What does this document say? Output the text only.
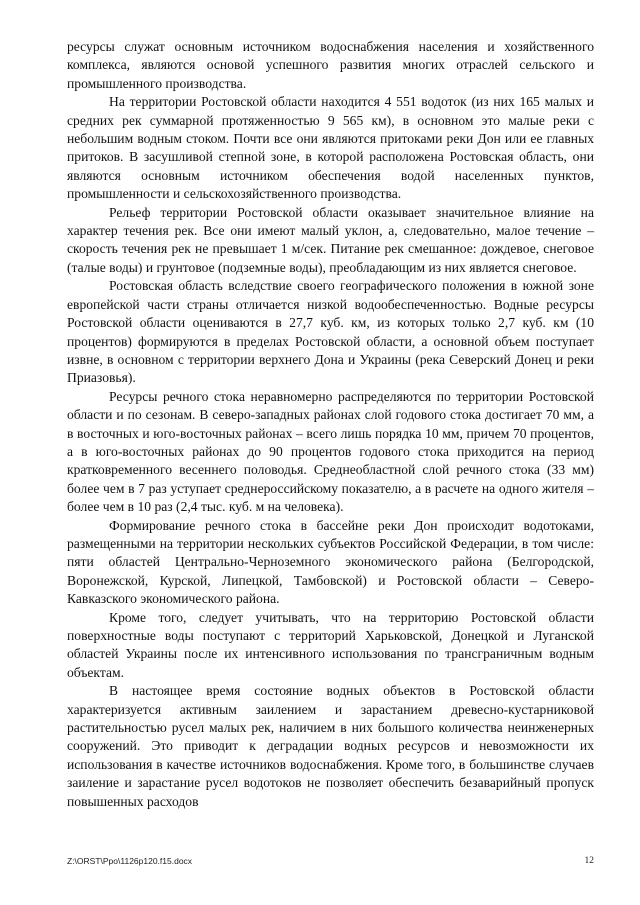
ресурсы служат основным источником водоснабжения населения и хозяйственного комплекса, являются основой успешного развития многих отраслей сельского и промышленного производства.

На территории Ростовской области находится 4 551 водоток (из них 165 малых и средних рек суммарной протяженностью 9 565 км), в основном это малые реки с небольшим водным стоком. Почти все они являются притоками реки Дон или ее главных притоков. В засушливой степной зоне, в которой расположена Ростовская область, они являются основным источником обеспечения водой населенных пунктов, промышленности и сельскохозяйственного производства.

Рельеф территории Ростовской области оказывает значительное влияние на характер течения рек. Все они имеют малый уклон, а, следовательно, малое течение – скорость течения рек не превышает 1 м/сек. Питание рек смешанное: дождевое, снеговое (талые воды) и грунтовое (подземные воды), преобладающим из них является снеговое.

Ростовская область вследствие своего географического положения в южной зоне европейской части страны отличается низкой водообеспеченностью. Водные ресурсы Ростовской области оцениваются в 27,7 куб. км, из которых только 2,7 куб. км (10 процентов) формируются в пределах Ростовской области, а основной объем поступает извне, в основном с территории верхнего Дона и Украины (река Северский Донец и реки Приазовья).

Ресурсы речного стока неравномерно распределяются по территории Ростовской области и по сезонам. В северо-западных районах слой годового стока достигает 70 мм, а в восточных и юго-восточных районах – всего лишь порядка 10 мм, причем 70 процентов, а в юго-восточных районах до 90 процентов годового стока приходится на период кратковременного весеннего половодья. Среднеобластной слой речного стока (33 мм) более чем в 7 раз уступает среднероссийскому показателю, а в расчете на одного жителя – более чем в 10 раз (2,4 тыс. куб. м на человека).

Формирование речного стока в бассейне реки Дон происходит водотоками, размещенными на территории нескольких субъектов Российской Федерации, в том числе: пяти областей Центрально-Черноземного экономического района (Белгородской, Воронежской, Курской, Липецкой, Тамбовской) и Ростовской области – Северо-Кавказского экономического района.

Кроме того, следует учитывать, что на территорию Ростовской области поверхностные воды поступают с территорий Харьковской, Донецкой и Луганской областей Украины после их интенсивного использования по трансграничным водным объектам.

В настоящее время состояние водных объектов в Ростовской области характеризуется активным заилением и зарастанием древесно-кустарниковой растительностью русел малых рек, наличием в них большого количества неинженерных сооружений. Это приводит к деградации водных ресурсов и невозможности их использования в качестве источников водоснабжения. Кроме того, в большинстве случаев заиление и зарастание русел водотоков не позволяет обеспечить безаварийный пропуск повышенных расходов

Z:\ORST\Ppo\1126p120.f15.docx	12
